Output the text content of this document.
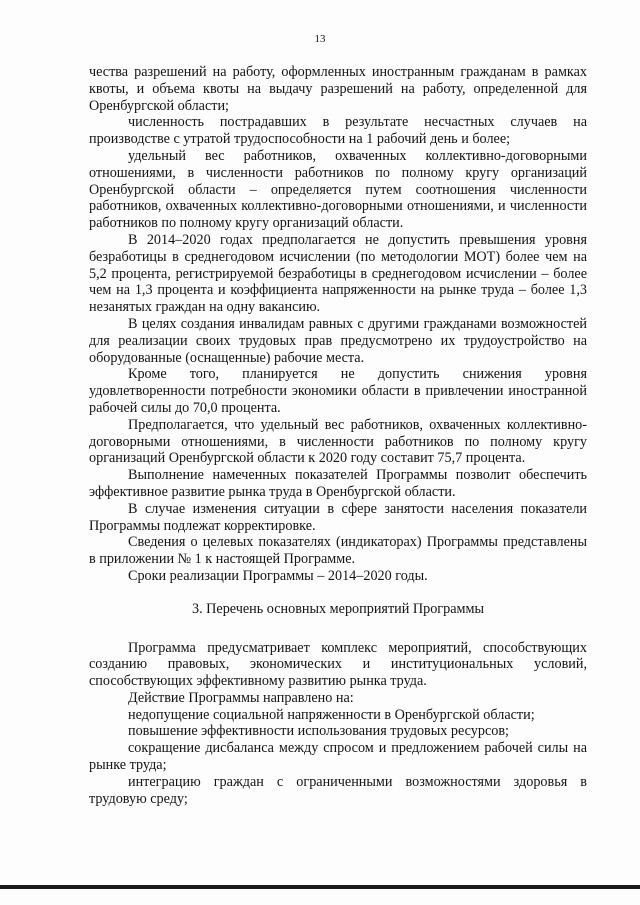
13

чества разрешений на работу, оформленных иностранным гражданам в рамках квоты, и объема квоты на выдачу разрешений на работу, определенной для Оренбургской области;

численность пострадавших в результате несчастных случаев на производстве с утратой трудоспособности на 1 рабочий день и более;

удельный вес работников, охваченных коллективно-договорными отношениями, в численности работников по полному кругу организаций Оренбургской области – определяется путем соотношения численности работников, охваченных коллективно-договорными отношениями, и численности работников по полному кругу организаций области.

В 2014–2020 годах предполагается не допустить превышения уровня безработицы в среднегодовом исчислении (по методологии МОТ) более чем на 5,2 процента, регистрируемой безработицы в среднегодовом исчислении – более чем на 1,3 процента и коэффициента напряженности на рынке труда – более 1,3 незанятых граждан на одну вакансию.

В целях создания инвалидам равных с другими гражданами возможностей для реализации своих трудовых прав предусмотрено их трудоустройство на оборудованные (оснащенные) рабочие места.

Кроме того, планируется не допустить снижения уровня удовлетворенности потребности экономики области в привлечении иностранной рабочей силы до 70,0 процента.

Предполагается, что удельный вес работников, охваченных коллективно-договорными отношениями, в численности работников по полному кругу организаций Оренбургской области к 2020 году составит 75,7 процента.

Выполнение намеченных показателей Программы позволит обеспечить эффективное развитие рынка труда в Оренбургской области.

В случае изменения ситуации в сфере занятости населения показатели Программы подлежат корректировке.

Сведения о целевых показателях (индикаторах) Программы представлены в приложении № 1 к настоящей Программе.

Сроки реализации Программы – 2014–2020 годы.

3. Перечень основных мероприятий Программы

Программа предусматривает комплекс мероприятий, способствующих созданию правовых, экономических и институциональных условий, способствующих эффективному развитию рынка труда.

Действие Программы направлено на:

недопущение социальной напряженности в Оренбургской области;

повышение эффективности использования трудовых ресурсов;

сокращение дисбаланса между спросом и предложением рабочей силы на рынке труда;

интеграцию граждан с ограниченными возможностями здоровья в трудовую среду;
